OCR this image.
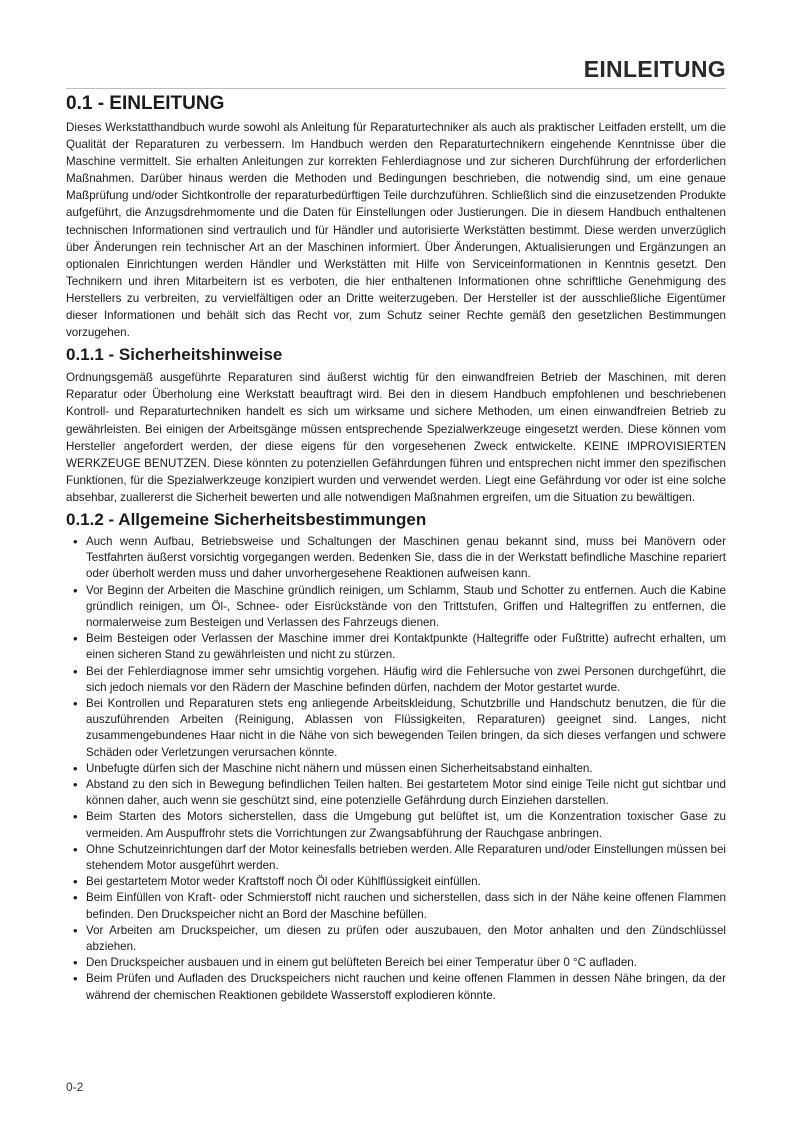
EINLEITUNG
0.1 - EINLEITUNG

Dieses Werkstatthandbuch wurde sowohl als Anleitung für Reparaturtechniker als auch als praktischer Leitfaden erstellt, um die Qualität der Reparaturen zu verbessern. Im Handbuch werden den Reparaturtechnikern eingehende Kenntnisse über die Maschine vermittelt. Sie erhalten Anleitungen zur korrekten Fehlerdiagnose und zur sicheren Durchführung der erforderlichen Maßnahmen. Darüber hinaus werden die Methoden und Bedingungen beschrieben, die notwendig sind, um eine genaue Maßprüfung und/oder Sichtkontrolle der reparaturbedürftigen Teile durchzuführen. Schließlich sind die einzusetzenden Produkte aufgeführt, die Anzugsdrehmomente und die Daten für Einstellungen oder Justierungen. Die in diesem Handbuch enthaltenen technischen Informationen sind vertraulich und für Händler und autorisierte Werkstätten bestimmt. Diese werden unverzüglich über Änderungen rein technischer Art an der Maschinen informiert. Über Änderungen, Aktualisierungen und Ergänzungen an optionalen Einrichtungen werden Händler und Werkstätten mit Hilfe von Serviceinformationen in Kenntnis gesetzt. Den Technikern und ihren Mitarbeitern ist es verboten, die hier enthaltenen Informationen ohne schriftliche Genehmigung des Herstellers zu verbreiten, zu vervielfältigen oder an Dritte weiterzugeben. Der Hersteller ist der ausschließliche Eigentümer dieser Informationen und behält sich das Recht vor, zum Schutz seiner Rechte gemäß den gesetzlichen Bestimmungen vorzugehen.

0.1.1 - Sicherheitshinweise

Ordnungsgemäß ausgeführte Reparaturen sind äußerst wichtig für den einwandfreien Betrieb der Maschinen, mit deren Reparatur oder Überholung eine Werkstatt beauftragt wird. Bei den in diesem Handbuch empfohlenen und beschriebenen Kontroll- und Reparaturtechniken handelt es sich um wirksame und sichere Methoden, um einen einwandfreien Betrieb zu gewährleisten. Bei einigen der Arbeitsgänge müssen entsprechende Spezialwerkzeuge eingesetzt werden. Diese können vom Hersteller angefordert werden, der diese eigens für den vorgesehenen Zweck entwickelte. KEINE IMPROVISIERTEN WERKZEUGE BENUTZEN. Diese könnten zu potenziellen Gefährdungen führen und entsprechen nicht immer den spezifischen Funktionen, für die Spezialwerkzeuge konzipiert wurden und verwendet werden. Liegt eine Gefährdung vor oder ist eine solche absehbar, zuallererst die Sicherheit bewerten und alle notwendigen Maßnahmen ergreifen, um die Situation zu bewältigen.

0.1.2 - Allgemeine Sicherheitsbestimmungen
• Auch wenn Aufbau, Betriebsweise und Schaltungen der Maschinen genau bekannt sind, muss bei Manövern oder Testfahrten äußerst vorsichtig vorgegangen werden. Bedenken Sie, dass die in der Werkstatt befindliche Maschine repariert oder überholt werden muss und daher unvorhergesehene Reaktionen aufweisen kann.
• Vor Beginn der Arbeiten die Maschine gründlich reinigen, um Schlamm, Staub und Schotter zu entfernen. Auch die Kabine gründlich reinigen, um Öl-, Schnee- oder Eisrückstände von den Trittstufen, Griffen und Haltegriffen zu entfernen, die normalerweise zum Besteigen und Verlassen des Fahrzeugs dienen.
• Beim Besteigen oder Verlassen der Maschine immer drei Kontaktpunkte (Haltegriffe oder Fußtritte) aufrecht erhalten, um einen sicheren Stand zu gewährleisten und nicht zu stürzen.
• Bei der Fehlerdiagnose immer sehr umsichtig vorgehen. Häufig wird die Fehlersuche von zwei Personen durchgeführt, die sich jedoch niemals vor den Rädern der Maschine befinden dürfen, nachdem der Motor gestartet wurde.
• Bei Kontrollen und Reparaturen stets eng anliegende Arbeitskleidung, Schutzbrille und Handschutz benutzen, die für die auszuführenden Arbeiten (Reinigung, Ablassen von Flüssigkeiten, Reparaturen) geeignet sind. Langes, nicht zusammengebundenes Haar nicht in die Nähe von sich bewegenden Teilen bringen, da sich dieses verfangen und schwere Schäden oder Verletzungen verursachen könnte.
• Unbefugte dürfen sich der Maschine nicht nähern und müssen einen Sicherheitsabstand einhalten.
• Abstand zu den sich in Bewegung befindlichen Teilen halten. Bei gestartetem Motor sind einige Teile nicht gut sichtbar und können daher, auch wenn sie geschützt sind, eine potenzielle Gefährdung durch Einziehen darstellen.
• Beim Starten des Motors sicherstellen, dass die Umgebung gut belüftet ist, um die Konzentration toxischer Gase zu vermeiden. Am Auspuffrohr stets die Vorrichtungen zur Zwangsabführung der Rauchgase anbringen.
• Ohne Schutzeinrichtungen darf der Motor keinesfalls betrieben werden. Alle Reparaturen und/oder Einstellungen müssen bei stehendem Motor ausgeführt werden.
• Bei gestartetem Motor weder Kraftstoff noch Öl oder Kühlflüssigkeit einfüllen.
• Beim Einfüllen von Kraft- oder Schmierstoff nicht rauchen und sicherstellen, dass sich in der Nähe keine offenen Flammen befinden. Den Druckspeicher nicht an Bord der Maschine befüllen.
• Vor Arbeiten am Druckspeicher, um diesen zu prüfen oder auszubauen, den Motor anhalten und den Zündschlüssel abziehen.
• Den Druckspeicher ausbauen und in einem gut belüfteten Bereich bei einer Temperatur über 0 °C aufladen.
• Beim Prüfen und Aufladen des Druckspeichers nicht rauchen und keine offenen Flammen in dessen Nähe bringen, da der während der chemischen Reaktionen gebildete Wasserstoff explodieren könnte.
0-2
